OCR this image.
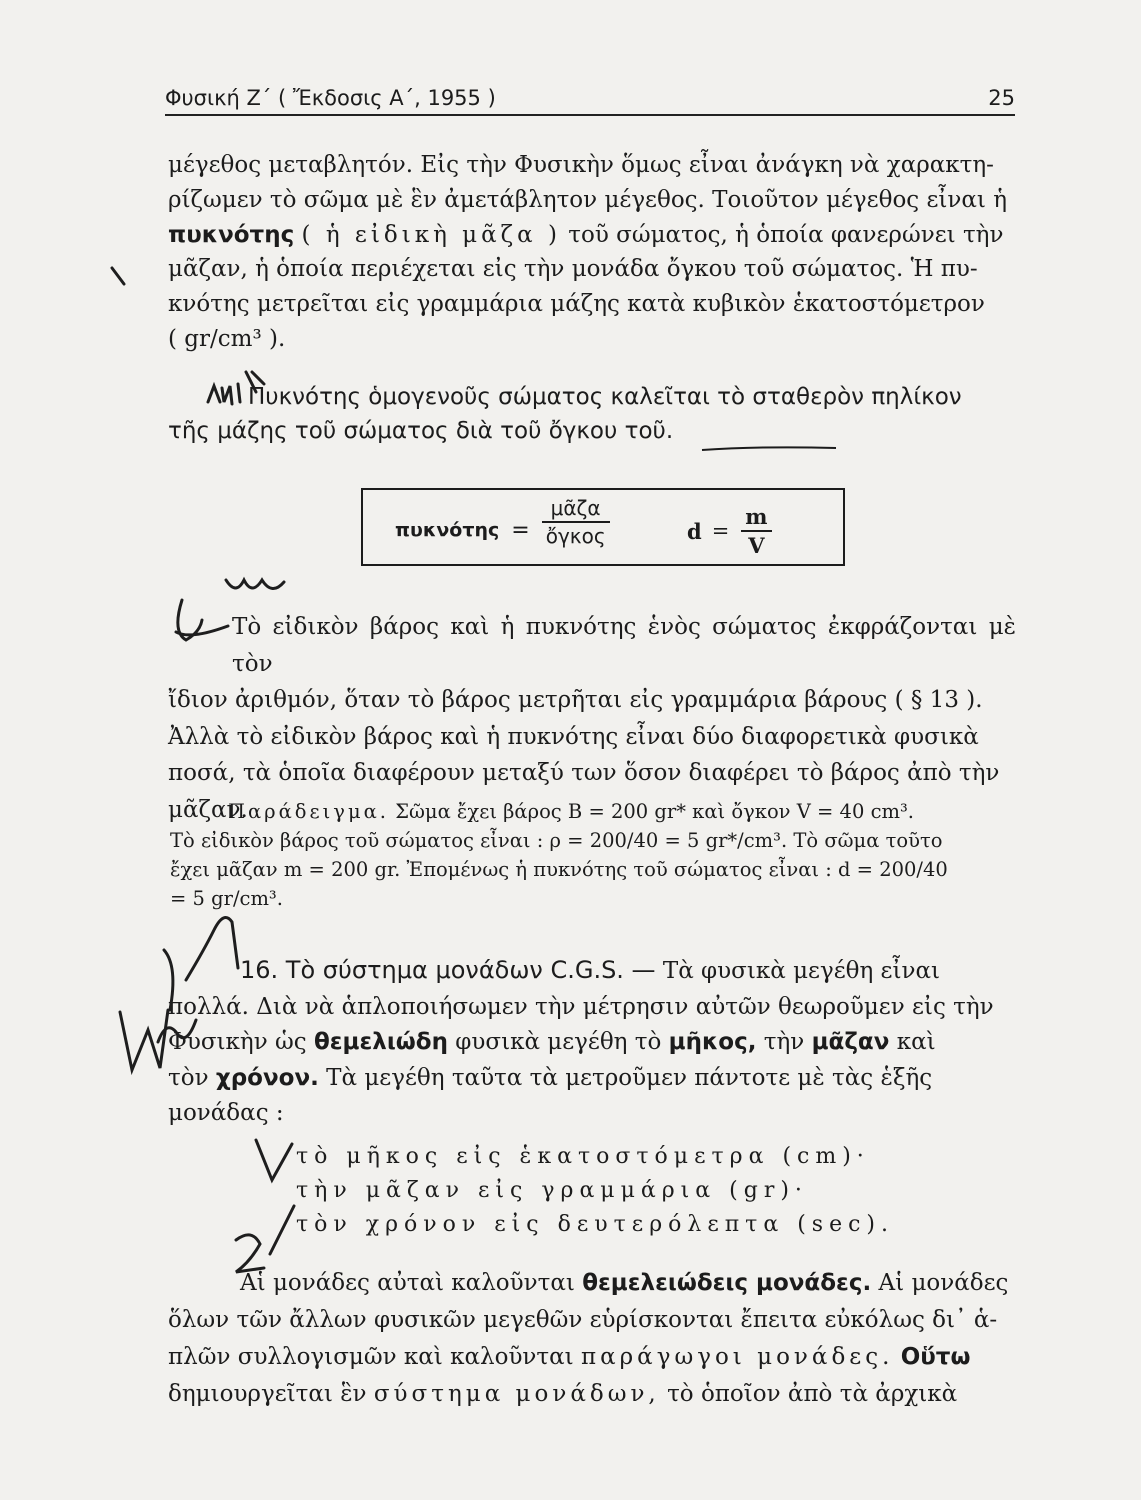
Φυσική Ζ΄ ( Ἔκδοσις Α΄, 1955 )	25
μέγεθος μεταβλητόν. Εἰς τὴν Φυσικὴν ὅμως εἶναι ἀνάγκη νὰ χαρακτη-
ρίζωμεν τὸ σῶμα μὲ ἓν ἀμετάβλητον μέγεθος. Τοιοῦτον μέγεθος εἶναι ἡ
πυκνότης ( ἡ εἰδικὴ μᾶζα ) τοῦ σώματος, ἡ ὁποία φανερώνει τὴν
μᾶζαν, ἡ ὁποία περιέχεται εἰς τὴν μονάδα ὄγκου τοῦ σώματος. Ἡ πυ-
κνότης μετρεῖται εἰς γραμμάρια μάζης κατὰ κυβικὸν ἑκατοστόμετρον
( gr/cm³ ).
Πυκνότης ὁμογενοῦς σώματος καλεῖται τὸ σταθερὸν πηλίκον
τῆς μάζης τοῦ σώματος διὰ τοῦ ὄγκου τοῦ.
$\pi\upsilon\kappa\nu ό\tau\eta\varsigma = \frac{\text{μᾶζα}}{\text{ὄγκος}}$	$d = \frac{m}{V}$
Τὸ εἰδικὸν βάρος καὶ ἡ πυκνότης ἑνὸς σώματος ἐκφράζονται μὲ τὸν
ἴδιον ἀριθμόν, ὅταν τὸ βάρος μετρῆται εἰς γραμμάρια βάρους ( § 13 ).
Ἀλλὰ τὸ εἰδικὸν βάρος καὶ ἡ πυκνότης εἶναι δύο διαφορετικὰ φυσικὰ
ποσά, τὰ ὁποῖα διαφέρουν μεταξύ των ὅσον διαφέρει τὸ βάρος ἀπὸ τὴν
μᾶζαν.
Παράδειγμα. Σῶμα ἔχει βάρος B = 200 gr* καὶ ὄγκον V = 40 cm³.
Τὸ εἰδικὸν βάρος τοῦ σώματος εἶναι : ρ = 200/40 = 5 gr*/cm³. Τὸ σῶμα τοῦτο
ἔχει μᾶζαν m = 200 gr. Ἐπομένως ἡ πυκνότης τοῦ σώματος εἶναι : d = 200/40
= 5 gr/cm³.
16. Τὸ σύστημα μονάδων C.G.S. — Τὰ φυσικὰ μεγέθη εἶναι
πολλά. Διὰ νὰ ἁπλοποιήσωμεν τὴν μέτρησιν αὐτῶν θεωροῦμεν εἰς τὴν
Φυσικὴν ὡς θεμελιώδη φυσικὰ μεγέθη τὸ μῆκος, τὴν μᾶζαν καὶ
τὸν χρόνον. Τὰ μεγέθη ταῦτα τὰ μετροῦμεν πάντοτε μὲ τὰς ἑξῆς
μονάδας :
τὸ μῆκος εἰς ἑκατοστόμετρα (cm)·
τὴν μᾶζαν εἰς γραμμάρια (gr)·
τὸν χρόνον εἰς δευτερόλεπτα (sec).
Αἱ μονάδες αὐταὶ καλοῦνται θεμελειώδεις μονάδες. Αἱ μονάδες
ὅλων τῶν ἄλλων φυσικῶν μεγεθῶν εὑρίσκονται ἔπειτα εὐκόλως δι᾽ ἁ-
πλῶν συλλογισμῶν καὶ καλοῦνται παράγωγοι μονάδες. Οὕτω
δημιουργεῖται ἓν σύστημα μονάδων, τὸ ὁποῖον ἀπὸ τὰ ἀρχικὰ
